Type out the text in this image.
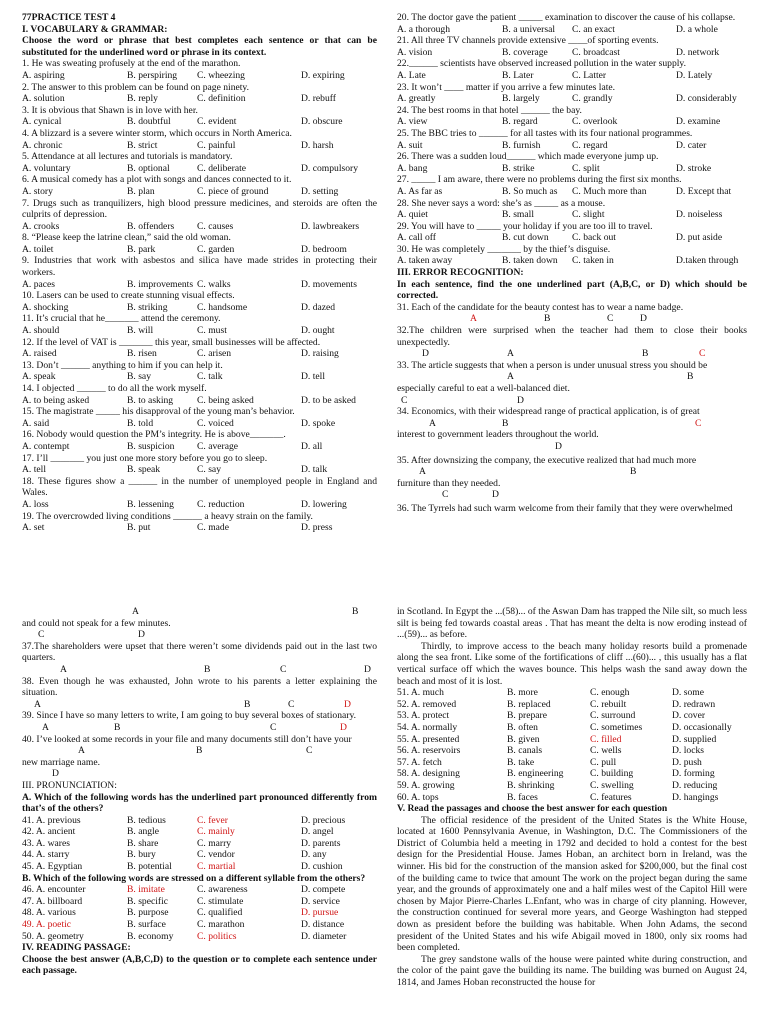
77PRACTICE TEST 4
I. VOCABULARY & GRAMMAR:
Choose the word or phrase that best completes each sentence or that can be substituted for the underlined word or phrase in its context.
1. He was sweating profusely at the end of the marathon.
A. aspiring	B. perspiring	C. wheezing	D. expiring
2. The answer to this problem can be found on page ninety.
A. solution	B. reply	C. definition	D. rebuff
3. It is obvious that Shawn is in love with her.
A. cynical	B. doubtful	C. evident	D. obscure
4. A blizzard is a severe winter storm, which occurs in North America.
A. chronic	B. strict	C. painful	D. harsh
5. Attendance at all lectures and tutorials is mandatory.
A. voluntary	B. optional	C. deliberate	D. compulsory
6. A musical comedy has a plot with songs and dances connected to it.
A. story	B. plan	C. piece of ground	D. setting
7. Drugs such as tranquilizers, high blood pressure medicines, and steroids are often the culprits of depression.
A. crooks	B. offenders	C. causes	D. lawbreakers
8. “Please keep the latrine clean,” said the old woman.
A. toilet	B. park	C. garden	D. bedroom
9. Industries that work with asbestos and silica have made strides in protecting their workers.
A. paces	B. improvements C. walks	D. movements
10. Lasers can be used to create stunning visual effects.
A. shocking	B. striking	C. handsome	D. dazed
11. It’s crucial that he_______ attend the ceremony.
A. should	B. will	C. must	D. ought
12. If the level of VAT is _______ this year, small businesses will be affected.
A. raised	B. risen	C. arisen	D. raising
13. Don’t ______ anything to him if you can help it.
A. speak	B. say	C. talk	D. tell
14. I objected ______ to do all the work myself.
A. to being asked	B. to asking	C. being asked	D. to be asked
15. The magistrate _____ his disapproval of the young man’s behavior.
A. said	B. told	C. voiced	D. spoke
16. Nobody would question the PM’s integrity. He is above_______.
A. contempt	B. suspicion	C. average	D. all
17. I’ll _______ you just one more story before you go to sleep.
A. tell	B. speak	C. say	D. talk
18. These figures show a ______ in the number of unemployed people in England and Wales.
A. loss	B. lessening	C. reduction	D. lowering
19. The overcrowded living conditions ______ a heavy strain on the family.
A. set	B. put	C. made	D. press
20. The doctor gave the patient _____ examination to discover the cause of his collapse.
A. a thorough	B. a universal	C. an exact	D. a whole
21. All three TV channels provide extensive ____of sporting events.
A. vision	B. coverage	C. broadcast	D. network
22.______ scientists have observed increased pollution in the water supply.
A. Late	B. Later	C. Latter	D. Lately
23. It won’t ____ matter if you arrive a few minutes late.
A. greatly	B. largely	C. grandly	D. considerably
24. The best rooms in that hotel ______ the bay.
A. view	B. regard	C. overlook	D. examine
25. The BBC tries to ______ for all tastes with its four national programmes.
A. suit	B. furnish	C. regard	D. cater
26. There was a sudden loud______ which made everyone jump up.
A. bang	B. strike	C. split	D. stroke
27. _____ I am aware, there were no problems during the first six months.
A. As far as	B. So much as	C. Much more than	D. Except that
28. She never says a word: she’s as _____ as a mouse.
A. quiet	B. small	C. slight	D. noiseless
29. You will have to _____ your holiday if you are too ill to travel.
A. call off	B. cut down	C. back out	D. put aside
30. He was completely _______ by the thief’s disguise.
A. taken away	B. taken down	C. taken in	D.taken through
III. ERROR RECOGNITION:
In each sentence, find the one underlined part (A,B,C, or D) which should be corrected.
31. Each of the candidate for the beauty contest has to wear a name badge.
A	B	C	D
32.The children were surprised when the teacher had them to close their books unexpectedly.
D	A	B	C
33. The article suggests that when a person is under unusual stress you should be
A	B
especially careful to eat a well-balanced diet.
C	D
34. Economics, with their widespread range of practical application, is of great
A	B	C
interest to government leaders throughout the world.
D
35. After downsizing the company, the executive realized that had much more
A	B
furniture than they needed.
C	D
36. The Tyrrels had such warm welcome from their family that they were overwhelmed
A	B
and could not speak for a few minutes.
C	D
37.The shareholders were upset that there weren’t some dividends paid out in the last two quarters.
A	B	C	D
38. Even though he was exhausted, John wrote to his parents a letter explaining the situation.
A	B	C	D
39. Since I have so many letters to write, I am going to buy several boxes of stationary.
A	B	C	D
40. I’ve looked at some records in your file and many documents still don’t have your
A	B	C
new marriage name.
D
III. PRONUNCIATION:
A. Which of the following words has the underlined part pronounced differently from that’s of the others?
41. A. previous	B. tedious	C. fever	D. precious
42. A. ancient	B. angle	C. mainly	D. angel
43. A. wares	B. share	C. marry	D. parents
44. A. starry	B. bury	C. vendor	D. any
45. A. Egyptian	B. potential	C. martial	D. cushion
B. Which of the following words are stressed on a different syllable from the others?
46. A. encounter	B. imitate	C. awareness	D. compete
47. A. billboard	B. specific	C. stimulate	D. service
48. A. various	B. purpose	C. qualified	D. pursue
49. A. poetic	B. surface	C. marathon	D. distance
50. A. geometry	B. economy	C. politics	D. diameter
IV. READING PASSAGE:
Choose the best answer (A,B,C,D) to the question or to complete each sentence under each passage.
in Scotland. In Egypt the ...(58)... of the Aswan Dam has trapped the Nile silt, so much less silt is being fed towards coastal areas . That has meant the delta is now eroding instead of ...(59)... as before.
Thirdly, to improve access to the beach many holiday resorts build a promenade along the sea front. Like some of the fortifications of cliff ...(60)... , this usually has a flat vertical surface off which the waves bounce. This helps wash the sand away down the beach and most of it is lost.
51. A. much	B. more	C. enough	D. some
52. A. removed	B. replaced	C. rebuilt	D. redrawn
53. A. protect	B. prepare	C. surround	D. cover
54. A. normally	B. often	C. sometimes	D. occasionally
55. A. presented	B. given	C. filled	D. supplied
56. A. reservoirs	B. canals	C. wells	D. locks
57. A. fetch	B. take	C. pull	D. push
58. A. designing	B. engineering	C. building	D. forming
59. A. growing	B. shrinking	C. swelling	D. reducing
60. A. tops	B. faces	C. features	D. hangings
V. Read the passages and choose the best answer for each question
The official residence of the president of the United States is the White House, located at 1600 Pennsylvania Avenue, in Washington, D.C. The Commissioners of the District of Columbia held a meeting in 1792 and decided to hold a contest for the best design for the Presidential House. James Hoban, an architect born in Ireland, was the winner. His bid for the construction of the mansion asked for $200,000, but the final cost of the building came to twice that amount The work on the project began during the same year, and the grounds of approximately one and a half miles west of the Capitol Hill were chosen by Major Pierre-Charles L.Enfant, who was in charge of city planning. However, the construction continued for several more years, and George Washington had stepped down as president before the building was habitable. When John Adams, the second president of the United States and his wife Abigail moved in 1800, only six rooms had been completed.
The grey sandstone walls of the house were painted white during construction, and the color of the paint gave the building its name. The building was burned on August 24, 1814, and James Hoban reconstructed the house for
